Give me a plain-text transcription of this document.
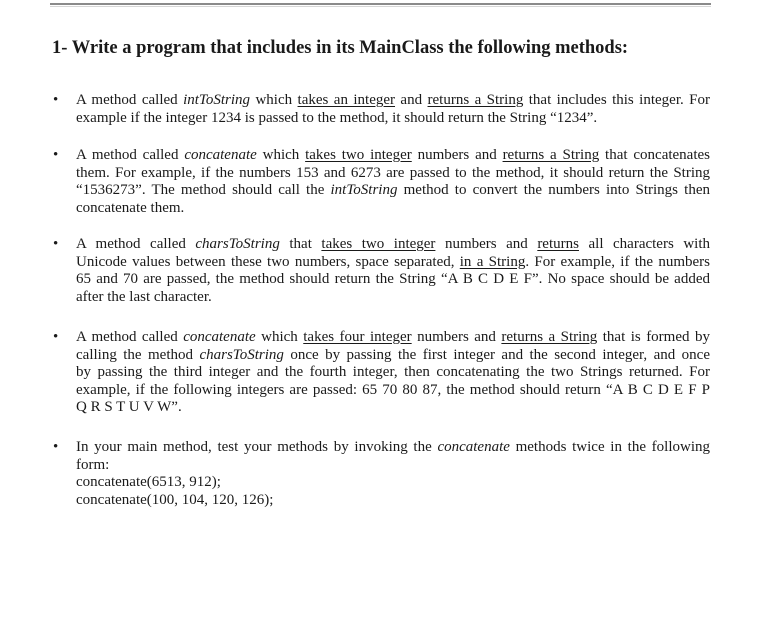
1- Write a program that includes in its MainClass the following methods:
• A method called intToString which takes an integer and returns a String that includes this integer. For
example if the integer 1234 is passed to the method, it should return the String “1234”.
• A method called concatenate which takes two integer numbers and returns a String that concatenates
them. For example, if the numbers 153 and 6273 are passed to the method, it should return the String
“1536273”. The method should call the intToString method to convert the numbers into Strings then
concatenate them.
• A method called charsToString that takes two integer numbers and returns all characters with
Unicode values between these two numbers, space separated, in a String. For example, if the numbers
65 and 70 are passed, the method should return the String “A B C D E F”. No space should be added
after the last character.
• A method called concatenate which takes four integer numbers and returns a String that is formed by
calling the method charsToString once by passing the first integer and the second integer, and once
by passing the third integer and the fourth integer, then concatenating the two Strings returned. For
example, if the following integers are passed: 65 70 80 87, the method should return “A B C D E F P
Q R S T U V W”.
• In your main method, test your methods by invoking the concatenate methods twice in the following
form:
concatenate(6513, 912);
concatenate(100, 104, 120, 126);
